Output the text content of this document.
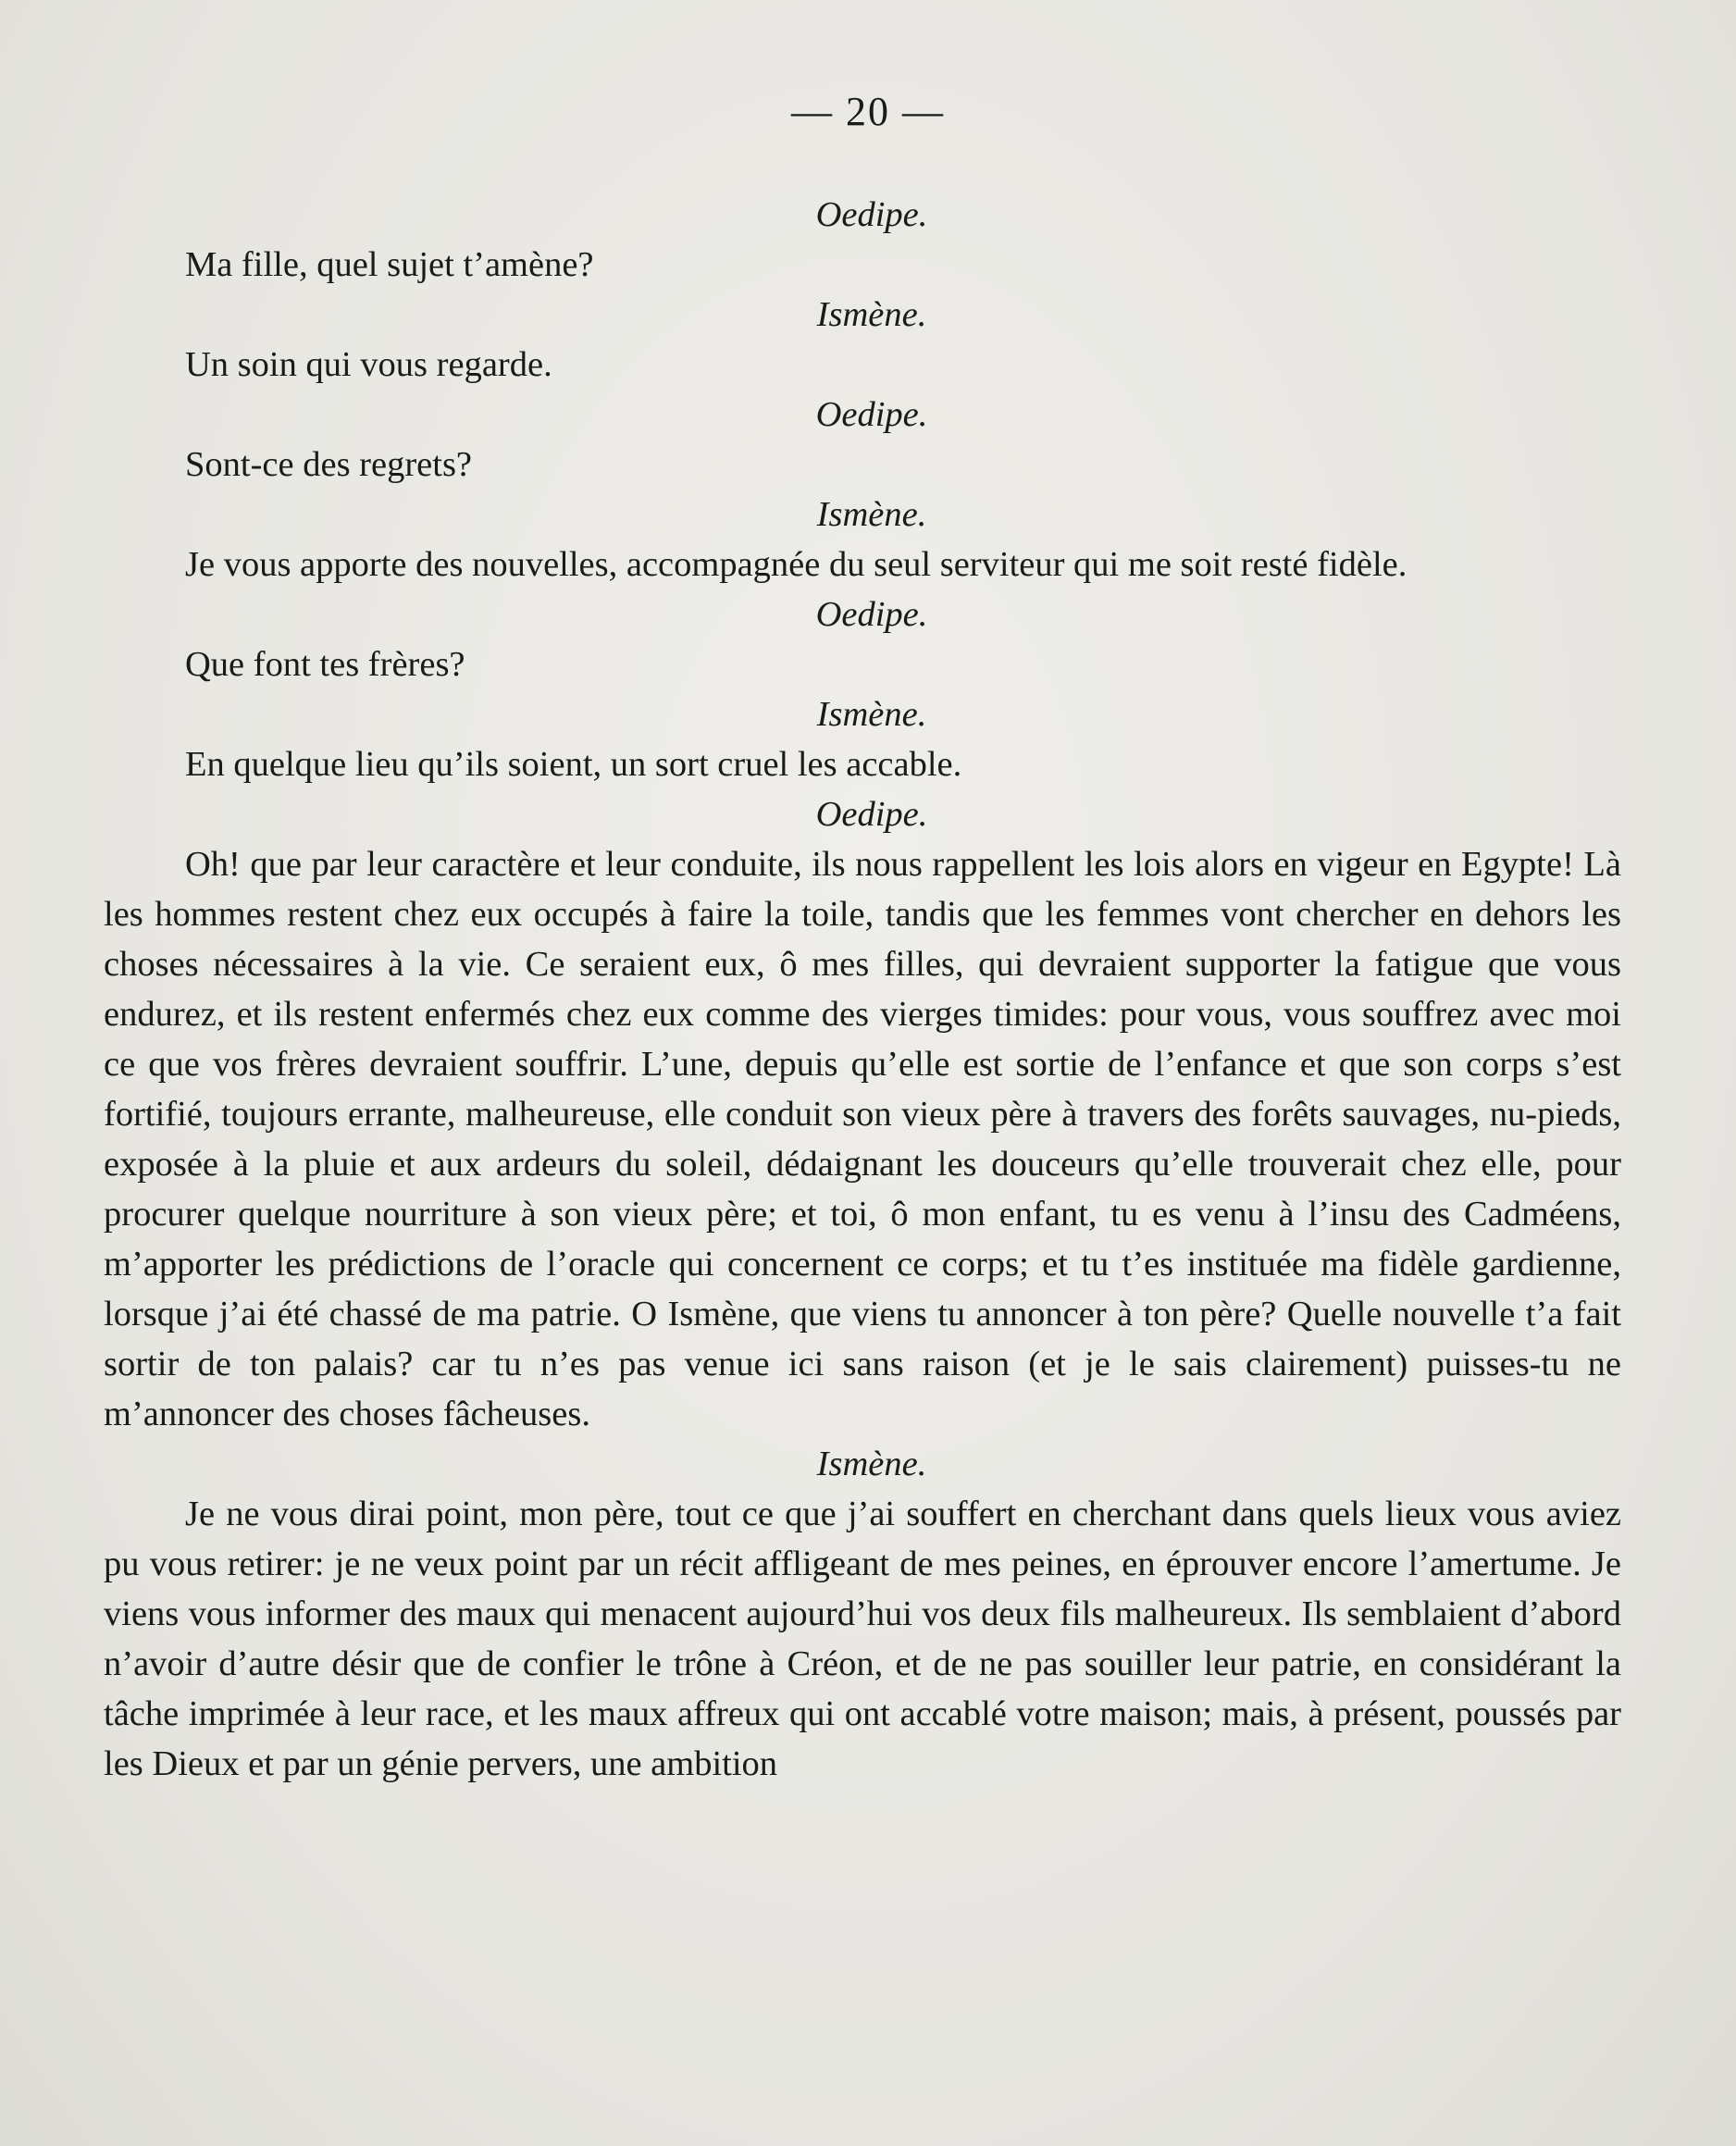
— 20 —

Oedipe.

Ma fille, quel sujet t’amène?

Ismène.

Un soin qui vous regarde.

Oedipe.

Sont-ce des regrets?

Ismène.

Je vous apporte des nouvelles, accompagnée du seul serviteur qui me soit resté fidèle.

Oedipe.

Que font tes frères?

Ismène.

En quelque lieu qu’ils soient, un sort cruel les accable.

Oedipe.

Oh! que par leur caractère et leur conduite, ils nous rappellent les lois alors en vigeur en Egypte! Là les hommes restent chez eux occupés à faire la toile, tandis que les femmes vont chercher en dehors les choses nécessaires à la vie. Ce seraient eux, ô mes filles, qui devraient supporter la fatigue que vous endurez, et ils restent enfermés chez eux comme des vierges timides: pour vous, vous souffrez avec moi ce que vos frères devraient souffrir. L’une, depuis qu’elle est sortie de l’enfance et que son corps s’est fortifié, toujours errante, malheureuse, elle conduit son vieux père à travers des forêts sauvages, nu-pieds, exposée à la pluie et aux ardeurs du soleil, dédaignant les douceurs qu’elle trouverait chez elle, pour procurer quelque nourriture à son vieux père; et toi, ô mon enfant, tu es venu à l’insu des Cadméens, m’apporter les prédictions de l’oracle qui concernent ce corps; et tu t’es instituée ma fidèle gardienne, lorsque j’ai été chassé de ma patrie. O Ismène, que viens tu annoncer à ton père? Quelle nouvelle t’a fait sortir de ton palais? car tu n’es pas venue ici sans raison (et je le sais clairement) puisses-tu ne m’annoncer des choses fâcheuses.

Ismène.

Je ne vous dirai point, mon père, tout ce que j’ai souffert en cherchant dans quels lieux vous aviez pu vous retirer: je ne veux point par un récit affligeant de mes peines, en éprouver encore l’amertume. Je viens vous informer des maux qui menacent aujourd’hui vos deux fils malheureux. Ils semblaient d’abord n’avoir d’autre désir que de confier le trône à Créon, et de ne pas souiller leur patrie, en considérant la tâche imprimée à leur race, et les maux affreux qui ont accablé votre maison; mais, à présent, poussés par les Dieux et par un génie pervers, une ambition
